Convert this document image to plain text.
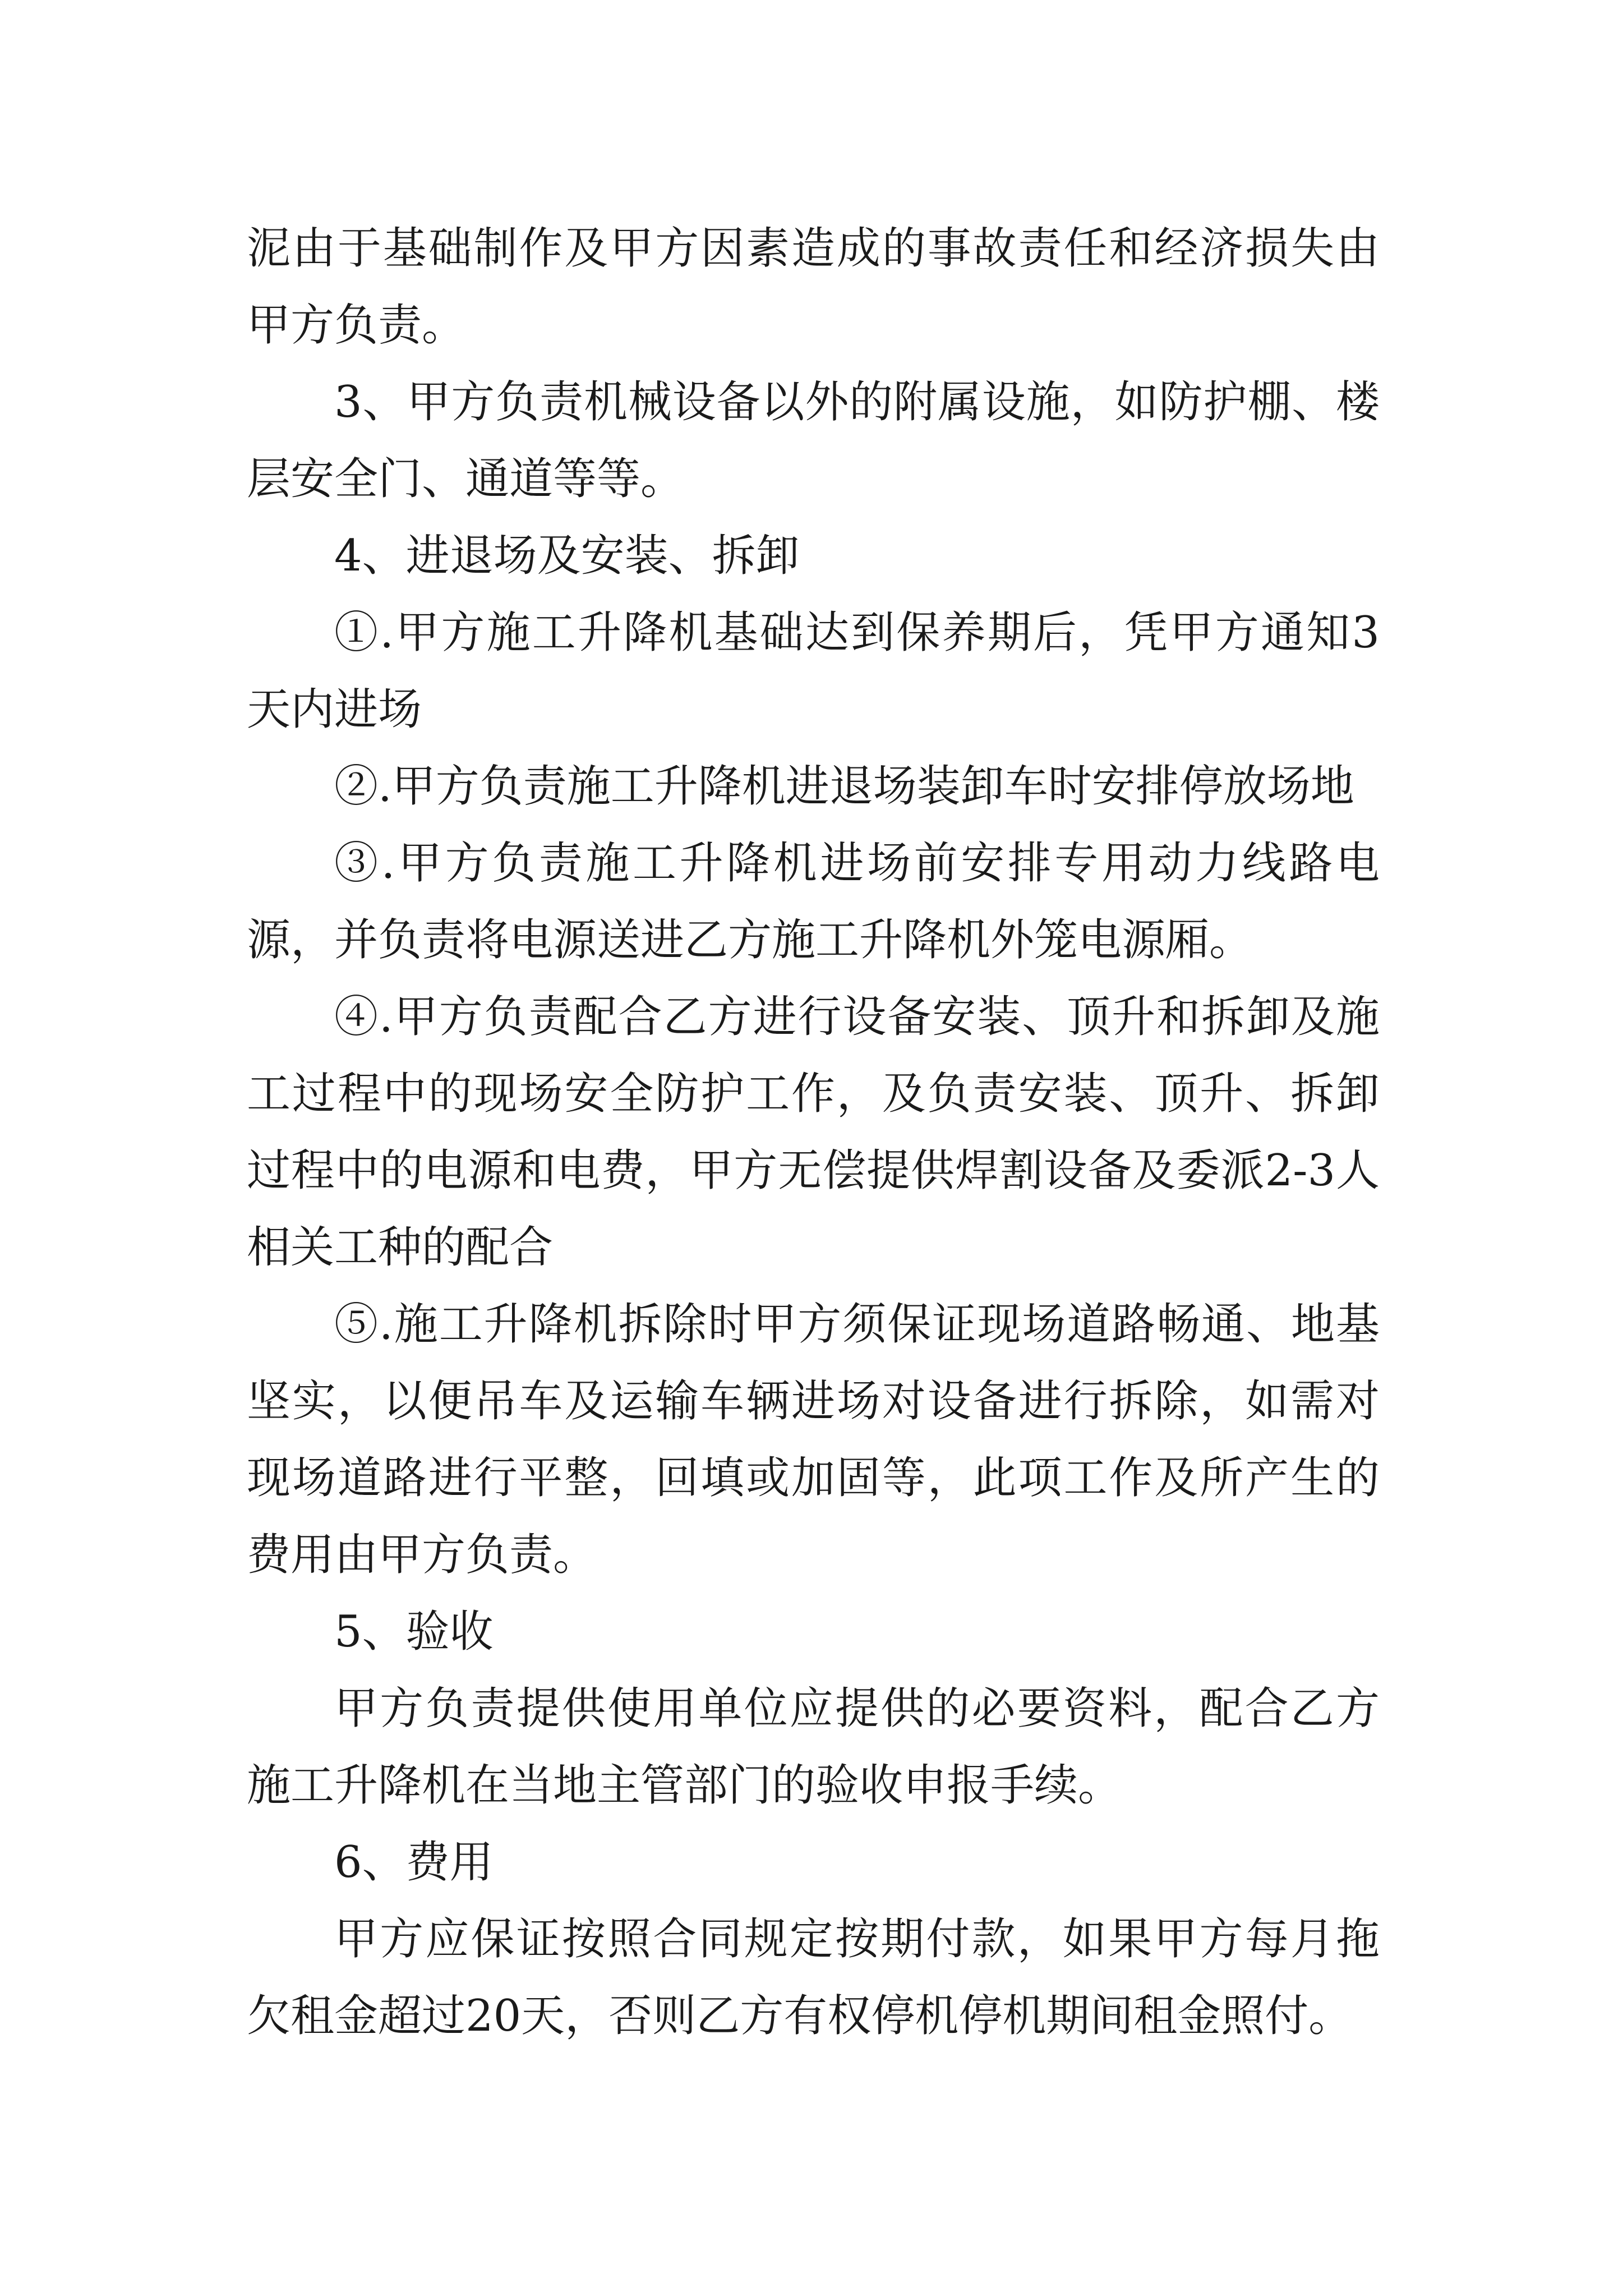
泥由于基础制作及甲方因素造成的事故责任和经济损失由甲方负责。

3、甲方负责机械设备以外的附属设施，如防护棚、楼层安全门、通道等等。

4、进退场及安装、拆卸

①.甲方施工升降机基础达到保养期后，凭甲方通知3天内进场

②.甲方负责施工升降机进退场装卸车时安排停放场地

③.甲方负责施工升降机进场前安排专用动力线路电源，并负责将电源送进乙方施工升降机外笼电源厢。

④.甲方负责配合乙方进行设备安装、顶升和拆卸及施工过程中的现场安全防护工作，及负责安装、顶升、拆卸过程中的电源和电费，甲方无偿提供焊割设备及委派2-3人相关工种的配合

⑤.施工升降机拆除时甲方须保证现场道路畅通、地基坚实，以便吊车及运输车辆进场对设备进行拆除，如需对现场道路进行平整，回填或加固等，此项工作及所产生的费用由甲方负责。

5、验收

甲方负责提供使用单位应提供的必要资料，配合乙方施工升降机在当地主管部门的验收申报手续。

6、费用

甲方应保证按照合同规定按期付款，如果甲方每月拖欠租金超过20天，否则乙方有权停机停机期间租金照付。
